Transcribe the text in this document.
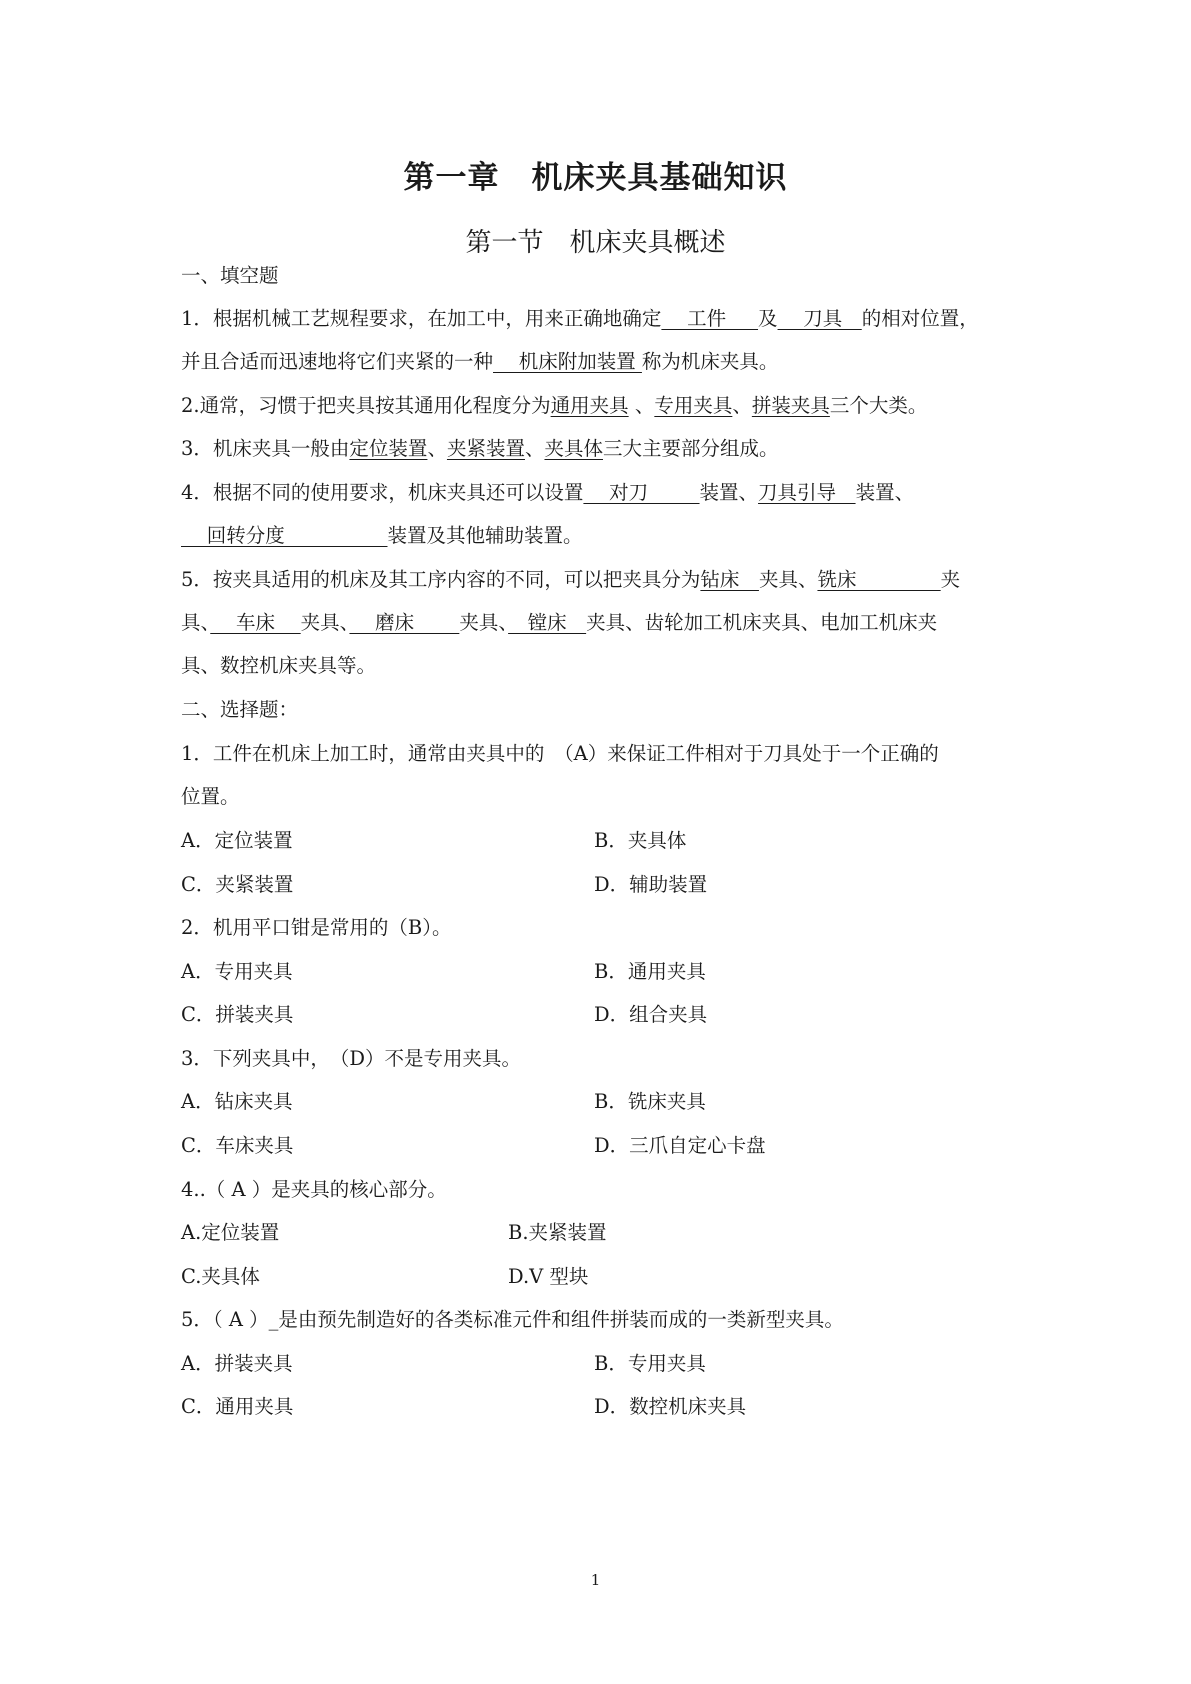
第一章　机床夹具基础知识
第一节　机床夹具概述
一、填空题
1．根据机械工艺规程要求，在加工中，用来正确地确定　 工件 　 及　 刀具　的相对位置，
并且合适而迅速地将它们夹紧的一种　 机床附加装置 称为机床夹具。
2.通常，习惯于把夹具按其通用化程度分为通用夹具 、专用夹具、拼装夹具三个大类。
3．机床夹具一般由定位装置、夹紧装置、夹具体三大主要部分组成。
4．根据不同的使用要求，机床夹具还可以设置　 对刀 　 　装置、刀具引导　装置、
　 回转分度　 　 　 　 装置及其他辅助装置。
5．按夹具适用的机床及其工序内容的不同，可以把夹具分为钻床　夹具、铣床　　　　 夹
具、　 车床　 夹具、　 磨床　 　夹具、　镗床　夹具、齿轮加工机床夹具、电加工机床夹
具、数控机床夹具等。
二、选择题：
1．工件在机床上加工时，通常由夹具中的　（A）来保证工件相对于刀具处于一个正确的
位置。
A．定位装置	B．夹具体
C．夹紧装置	D．辅助装置
2．机用平口钳是常用的（B）。
A．专用夹具	B．通用夹具
C．拼装夹具	D．组合夹具
3．下列夹具中，　（D）不是专用夹具。
A．钻床夹具	B．铣床夹具
C．车床夹具	D．三爪自定心卡盘
4..（ A ）是夹具的核心部分。
A.定位装置	B.夹紧装置
C.夹具体	D.V 型块
5．（ A ）_是由预先制造好的各类标准元件和组件拼装而成的一类新型夹具。
A．拼装夹具	B．专用夹具
C．通用夹具	D．数控机床夹具
1
